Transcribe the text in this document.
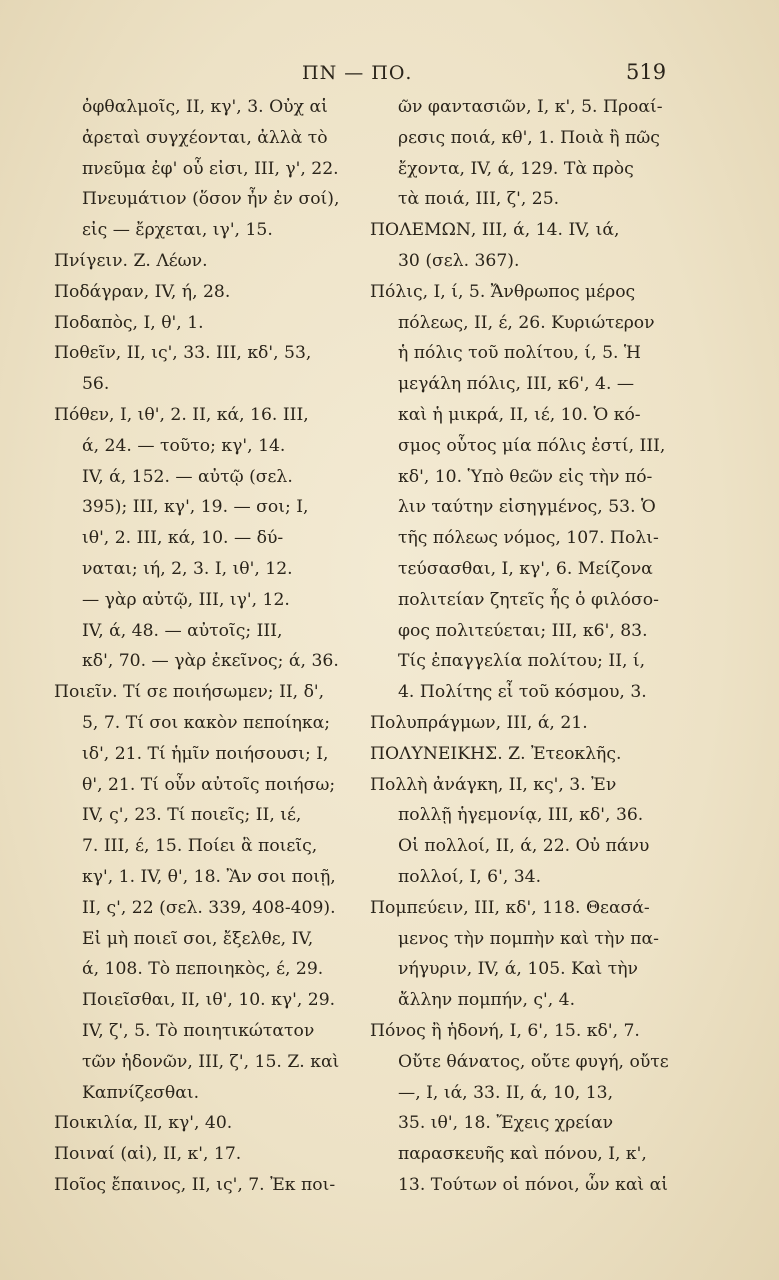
ΠΝ — ΠΟ.	519
ὀφθαλμοῖς, II, κγ', 3. Οὐχ αἱ
ἀρεταὶ συγχέονται, ἀλλὰ τὸ
πνεῦμα ἐφ' οὗ εἰσι, III, γ', 22.
Πνευμάτιον (ὅσον ἦν ἐν σοί),
εἰς — ἔρχεται, ιγ', 15.
Πνίγειν. Ζ. Λέων.
Ποδάγραν, IV, ή, 28.
Ποδαπὸς, I, θ', 1.
Ποθεῖν, II, ις', 33. III, κδ', 53,
56.
Πόθεν, I, ιθ', 2. II, κά, 16. III,
ά, 24. — τοῦτο; κγ', 14.
IV, ά, 152. — αὐτῷ (σελ.
395); III, κγ', 19. — σοι; I,
ιθ', 2. III, κά, 10. — δύ-
ναται; ιή, 2, 3. I, ιθ', 12.
— γὰρ αὐτῷ, III, ιγ', 12.
IV, ά, 48. — αὐτοῖς; III,
κδ', 70. — γὰρ ἐκεῖνος; ά, 36.
Ποιεῖν. Τί σε ποιήσωμεν; II, δ',
5, 7. Τί σοι κακὸν πεποίηκα;
ιδ', 21. Τί ἡμῖν ποιήσουσι; I,
θ', 21. Τί οὖν αὐτοῖς ποιήσω;
IV, ς', 23. Τί ποιεῖς; II, ιέ,
7. III, έ, 15. Ποίει ἃ ποιεῖς,
κγ', 1. IV, θ', 18. Ἂν σοι ποιῇ,
II, ς', 22 (σελ. 339, 408-409).
Εἰ μὴ ποιεῖ σοι, ἔξελθε, IV,
ά, 108. Τὸ πεποιηκὸς, έ, 29.
Ποιεῖσθαι, II, ιθ', 10. κγ', 29.
IV, ζ', 5. Τὸ ποιητικώτατον
τῶν ἡδονῶν, III, ζ', 15. Ζ. καὶ
Καπνίζεσθαι.
Ποικιλία, II, κγ', 40.
Ποιναί (αἱ), II, κ', 17.
Ποῖος ἔπαινος, II, ις', 7. Ἐκ ποι-
ῶν φαντασιῶν, I, κ', 5. Προαί-
ρεσις ποιά, κθ', 1. Ποιὰ ἢ πῶς
ἔχοντα, IV, ά, 129. Τὰ πρὸς
τὰ ποιά, III, ζ', 25.
ΠΟΛΕΜΩΝ, III, ά, 14. IV, ιά,
30 (σελ. 367).
Πόλις, I, ί, 5. Ἄνθρωπος μέρος
πόλεως, II, έ, 26. Κυριώτερον
ἡ πόλις τοῦ πολίτου, ί, 5. Ἡ
μεγάλη πόλις, III, κ6', 4. —
καὶ ἡ μικρά, II, ιέ, 10. Ὁ κό-
σμος οὗτος μία πόλις ἐστί, III,
κδ', 10. Ὑπὸ θεῶν εἰς τὴν πό-
λιν ταύτην εἰσηγμένος, 53. Ὁ
τῆς πόλεως νόμος, 107. Πολι-
τεύσασθαι, I, κγ', 6. Μείζονα
πολιτείαν ζητεῖς ἧς ὁ φιλόσο-
φος πολιτεύεται; III, κ6', 83.
Τίς ἐπαγγελία πολίτου; II, ί,
4. Πολίτης εἶ τοῦ κόσμου, 3.
Πολυπράγμων, III, ά, 21.
ΠΟΛΥΝΕΙΚΗΣ. Ζ. Ἐτεοκλῆς.
Πολλὴ ἀνάγκη, II, κς', 3. Ἐν
πολλῇ ἡγεμονίᾳ, III, κδ', 36.
Οἱ πολλοί, II, ά, 22. Οὐ πάνυ
πολλοί, I, 6', 34.
Πομπεύειν, III, κδ', 118. Θεασά-
μενος τὴν πομπὴν καὶ τὴν πα-
νήγυριν, IV, ά, 105. Καὶ τὴν
ἄλλην πομπήν, ς', 4.
Πόνος ἢ ἡδονή, I, 6', 15. κδ', 7.
Οὔτε θάνατος, οὔτε φυγή, οὔτε
—, I, ιά, 33. II, ά, 10, 13,
35. ιθ', 18. Ἔχεις χρείαν
παρασκευῆς καὶ πόνου, I, κ',
13. Τούτων οἱ πόνοι, ὧν καὶ αἱ
